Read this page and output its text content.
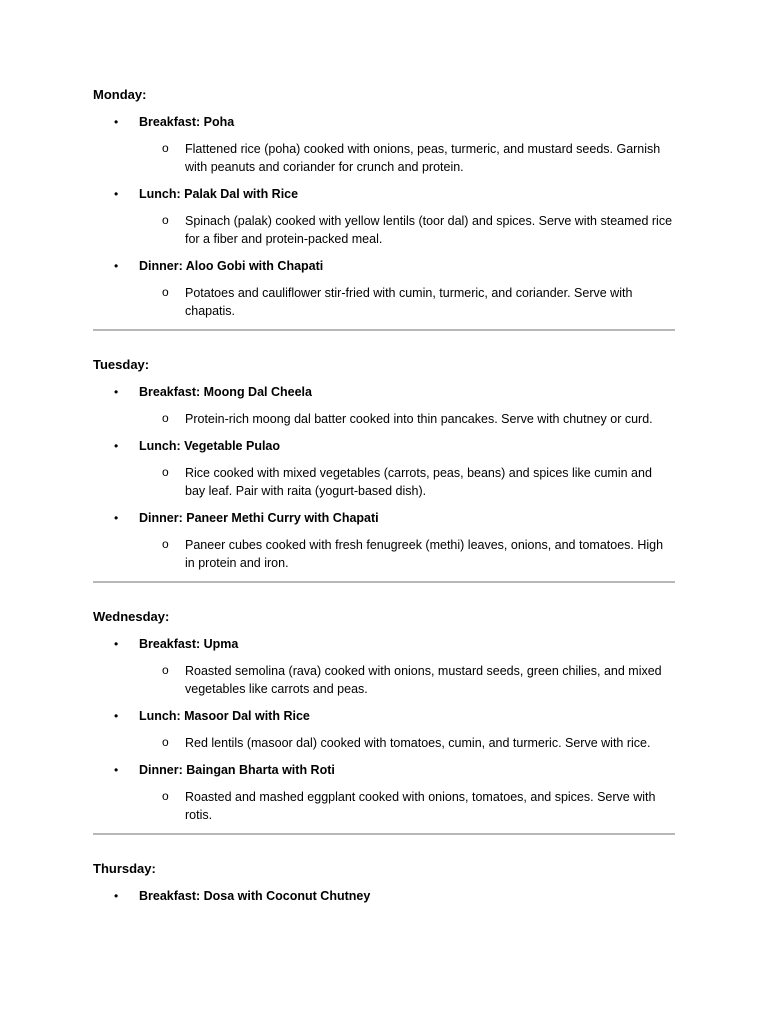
Monday:
• Breakfast: Poha
o Flattened rice (poha) cooked with onions, peas, turmeric, and mustard seeds. Garnish with peanuts and coriander for crunch and protein.
• Lunch: Palak Dal with Rice
o Spinach (palak) cooked with yellow lentils (toor dal) and spices. Serve with steamed rice for a fiber and protein-packed meal.
• Dinner: Aloo Gobi with Chapati
o Potatoes and cauliflower stir-fried with cumin, turmeric, and coriander. Serve with chapatis.
Tuesday:
• Breakfast: Moong Dal Cheela
o Protein-rich moong dal batter cooked into thin pancakes. Serve with chutney or curd.
• Lunch: Vegetable Pulao
o Rice cooked with mixed vegetables (carrots, peas, beans) and spices like cumin and bay leaf. Pair with raita (yogurt-based dish).
• Dinner: Paneer Methi Curry with Chapati
o Paneer cubes cooked with fresh fenugreek (methi) leaves, onions, and tomatoes. High in protein and iron.
Wednesday:
• Breakfast: Upma
o Roasted semolina (rava) cooked with onions, mustard seeds, green chilies, and mixed vegetables like carrots and peas.
• Lunch: Masoor Dal with Rice
o Red lentils (masoor dal) cooked with tomatoes, cumin, and turmeric. Serve with rice.
• Dinner: Baingan Bharta with Roti
o Roasted and mashed eggplant cooked with onions, tomatoes, and spices. Serve with rotis.
Thursday:
• Breakfast: Dosa with Coconut Chutney
